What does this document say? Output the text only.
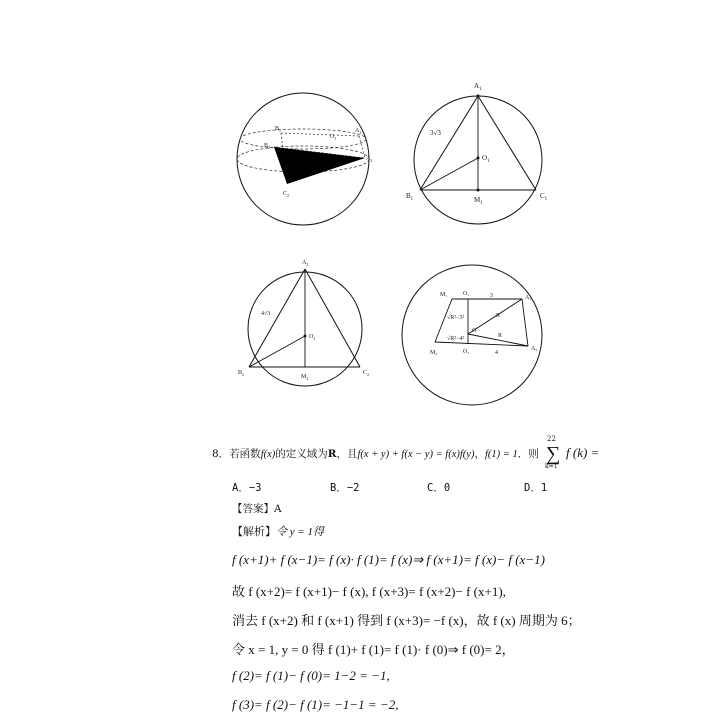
$B_1$
$O_1$
$A_1$
$B_2$
$A_2$
$C_2$
$A_1$
3√3
$O_1$
$B_1$	$M_1$
$C_1$
$A_2$
4√3
$O_2$
$B_2$	$M_2$
$C_2$
M₁	O₁	3	A₁
√R²−3²	R
O
√R²−4²	R
M₂	O₂	4
A₂
8．若函数f(x)的定义域为R，且f(x + y) + f(x − y) = f(x)f(y)，f(1) = 1．则
22
∑
k=1
f (k) =
A．−3	B．−2	C．0	D．1
【答案】A
【解析】令 y = 1得
f (x+1)+ f (x−1)= f (x)· f (1)= f (x)⇒ f (x+1)= f (x)− f (x−1)
故 f (x+2)= f (x+1)− f (x), f (x+3)= f (x+2)− f (x+1),
消去 f (x+2) 和 f (x+1) 得到 f (x+3)= −f (x)，故 f (x) 周期为 6；
令 x = 1, y = 0 得 f (1)+ f (1)= f (1)· f (0)⇒ f (0)= 2，
f (2)= f (1)− f (0)= 1−2 = −1,
f (3)= f (2)− f (1)= −1−1 = −2,
